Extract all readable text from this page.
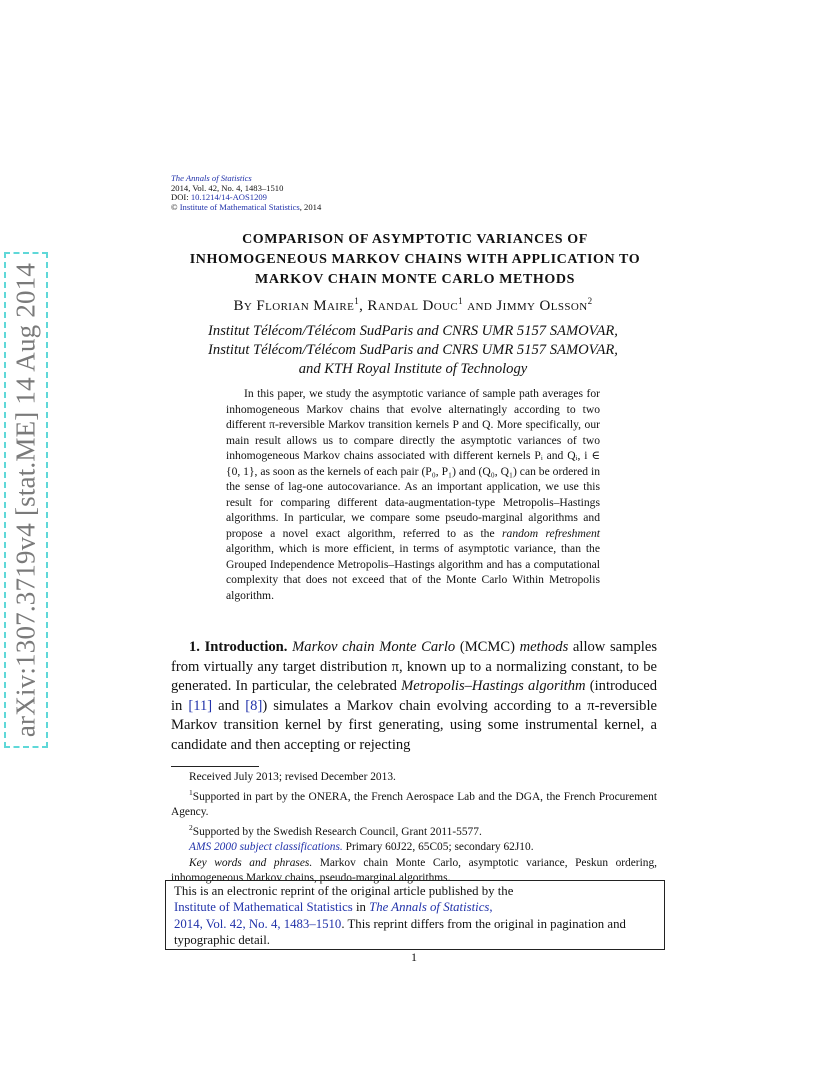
arXiv:1307.3719v4 [stat.ME] 14 Aug 2014
The Annals of Statistics
2014, Vol. 42, No. 4, 1483–1510
DOI: 10.1214/14-AOS1209
© Institute of Mathematical Statistics, 2014
COMPARISON OF ASYMPTOTIC VARIANCES OF
INHOMOGENEOUS MARKOV CHAINS WITH APPLICATION TO
MARKOV CHAIN MONTE CARLO METHODS
By Florian Maire$^1$, Randal Douc$^1$ and Jimmy Olsson$^2$
Institut Télécom/Télécom SudParis and CNRS UMR 5157 SAMOVAR,
Institut Télécom/Télécom SudParis and CNRS UMR 5157 SAMOVAR,
and KTH Royal Institute of Technology

In this paper, we study the asymptotic variance of sample path averages for inhomogeneous Markov chains that evolve alternatingly according to two different π-reversible Markov transition kernels P and Q. More specifically, our main result allows us to compare directly the asymptotic variances of two inhomogeneous Markov chains associated with different kernels Pᵢ and Qᵢ, i ∈ {0, 1}, as soon as the kernels of each pair (P₀, P₁) and (Q₀, Q₁) can be ordered in the sense of lag-one autocovariance. As an important application, we use this result for comparing different data-augmentation-type Metropolis–Hastings algorithms. In particular, we compare some pseudo-marginal algorithms and propose a novel exact algorithm, referred to as the random refreshment algorithm, which is more efficient, in terms of asymptotic variance, than the Grouped Independence Metropolis–Hastings algorithm and has a computational complexity that does not exceed that of the Monte Carlo Within Metropolis algorithm.

1. Introduction. Markov chain Monte Carlo (MCMC) methods allow samples from virtually any target distribution π, known up to a normalizing constant, to be generated. In particular, the celebrated Metropolis–Hastings algorithm (introduced in [11] and [8]) simulates a Markov chain evolving according to a π-reversible Markov transition kernel by first generating, using some instrumental kernel, a candidate and then accepting or rejecting

Received July 2013; revised December 2013.

$^1$Supported in part by the ONERA, the French Aerospace Lab and the DGA, the French Procurement Agency.

$^2$Supported by the Swedish Research Council, Grant 2011-5577.

AMS 2000 subject classifications. Primary 60J22, 65C05; secondary 62J10.

Key words and phrases. Markov chain Monte Carlo, asymptotic variance, Peskun ordering, inhomogeneous Markov chains, pseudo-marginal algorithms.

This is an electronic reprint of the original article published by the
Institute of Mathematical Statistics in The Annals of Statistics,
2014, Vol. 42, No. 4, 1483–1510. This reprint differs from the original in pagination and typographic detail.
1
